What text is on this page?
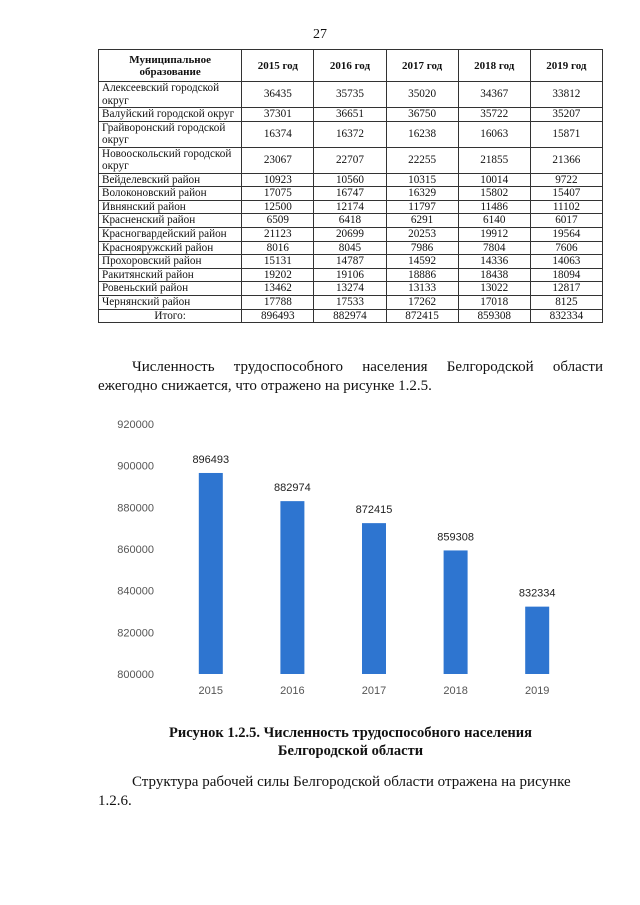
27
Муниципальное образование	2015 год	2016 год	2017 год	2018 год	2019 год
Алексеевский городской округ	36435	35735	35020	34367	33812
Валуйский городской округ	37301	36651	36750	35722	35207
Грайворонский городской округ	16374	16372	16238	16063	15871
Новооскольский городской округ	23067	22707	22255	21855	21366
Вейделевский район	10923	10560	10315	10014	9722
Волоконовский район	17075	16747	16329	15802	15407
Ивнянский район	12500	12174	11797	11486	11102
Красненский район	6509	6418	6291	6140	6017
Красногвардейский район	21123	20699	20253	19912	19564
Краснояружский район	8016	8045	7986	7804	7606
Прохоровский район	15131	14787	14592	14336	14063
Ракитянский район	19202	19106	18886	18438	18094
Ровеньский район	13462	13274	13133	13022	12817
Чернянский район	17788	17533	17262	17018	8125
Итого:	896493	882974	872415	859308	832334
Численность трудоспособного населения Белгородской области ежегодно снижается, что отражено на рисунке 1.2.5.
800000
820000
840000
860000
880000
900000
920000
896493
2015
882974
2016
872415
2017
859308
2018
832334
2019
Рисунок 1.2.5. Численность трудоспособного населения
Белгородской области
Структура рабочей силы Белгородской области отражена на рисунке 1.2.6.
